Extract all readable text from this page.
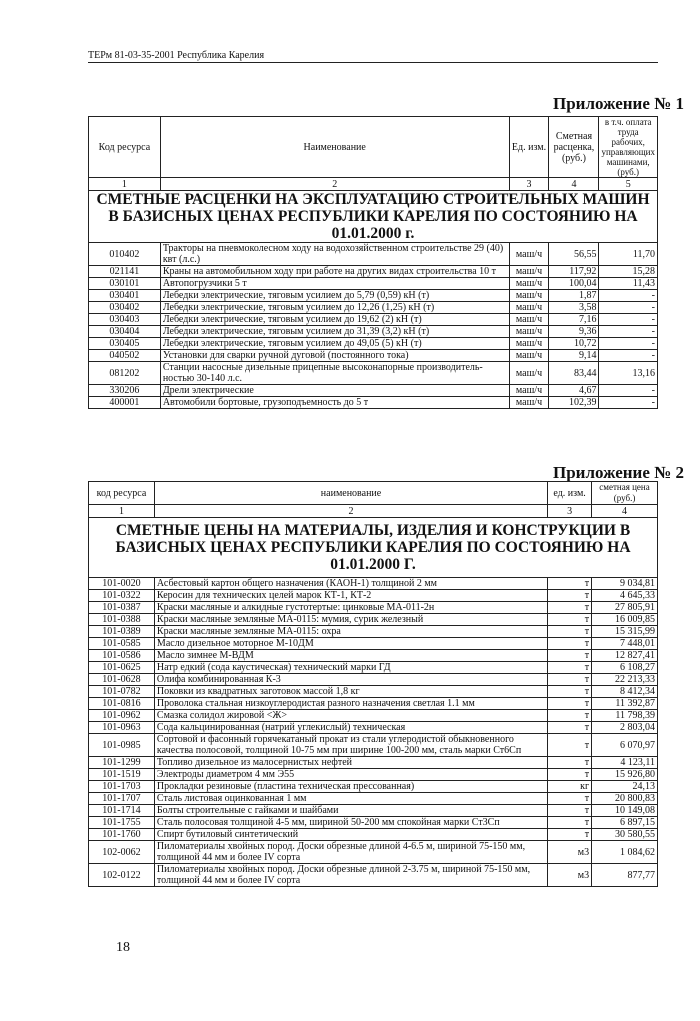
ТЕРм 81-03-35-2001 Республика Карелия
Приложение № 1
Код ресурса	Наименование	Ед. изм.	Сметная расценка, (руб.)	в т.ч. оплата труда рабочих, управляющих машинами, (руб.)
1	2	3	4	5
СМЕТНЫЕ РАСЦЕНКИ НА ЭКСПЛУАТАЦИЮ СТРОИТЕЛЬНЫХ МАШИН В БАЗИСНЫХ ЦЕНАХ РЕСПУБЛИКИ КАРЕЛИЯ ПО СОСТОЯНИЮ НА 01.01.2000 г.				
010402	Тракторы на пневмоколесном ходу на водохозяйственном строительстве 29 (40) квт (л.с.)	маш/ч	56,55	11,70
021141	Краны на автомобильном ходу при работе на других видах строительства 10 т	маш/ч	117,92	15,28
030101	Автопогрузчики 5 т	маш/ч	100,04	11,43
030401	Лебедки электрические, тяговым усилием до 5,79 (0,59) кН (т)	маш/ч	1,87	-
030402	Лебедки электрические, тяговым усилием до 12,26 (1,25) кН (т)	маш/ч	3,58	-
030403	Лебедки электрические, тяговым усилием до 19,62 (2) кН (т)	маш/ч	7,16	-
030404	Лебедки электрические, тяговым усилием до 31,39 (3,2) кН (т)	маш/ч	9,36	-
030405	Лебедки электрические, тяговым усилием до 49,05 (5) кН (т)	маш/ч	10,72	-
040502	Установки для сварки ручной дуговой (постоянного тока)	маш/ч	9,14	-
081202	Станции насосные дизельные прицепные высоконапорные производитель-ностью 30-140 л.с.	маш/ч	83,44	13,16
330206	Дрели электрические	маш/ч	4,67	-
400001	Автомобили бортовые, грузоподъемность до 5 т	маш/ч	102,39	-
Приложение № 2
код ресурса	наименование	ед. изм.	сметная цена (руб.)
1	2	3	4
СМЕТНЫЕ ЦЕНЫ НА МАТЕРИАЛЫ, ИЗДЕЛИЯ И КОНСТРУКЦИИ В БАЗИСНЫХ ЦЕНАХ РЕСПУБЛИКИ КАРЕЛИЯ ПО СОСТОЯНИЮ НА 01.01.2000 Г.			
101-0020	Асбестовый картон общего назначения (КАОН-1) толщиной 2 мм	т	9 034,81
101-0322	Керосин для технических целей марок КТ-1, КТ-2	т	4 645,33
101-0387	Краски масляные и алкидные густотертые: цинковые МА-011-2н	т	27 805,91
101-0388	Краски масляные земляные МА-0115: мумия, сурик железный	т	16 009,85
101-0389	Краски масляные земляные МА-0115: охра	т	15 315,99
101-0585	Масло дизельное моторное М-10ДМ	т	7 448,01
101-0586	Масло зимнее М-ВДМ	т	12 827,41
101-0625	Натр едкий (сода каустическая) технический марки ГД	т	6 108,27
101-0628	Олифа комбинированная К-3	т	22 213,33
101-0782	Поковки из квадратных заготовок массой 1,8 кг	т	8 412,34
101-0816	Проволока стальная низкоуглеродистая разного назначения светлая 1.1 мм	т	11 392,87
101-0962	Смазка солидол жировой <Ж>	т	11 798,39
101-0963	Сода кальцинированная (натрий углекислый) техническая	т	2 803,04
101-0985	Сортовой и фасонный горячекатаный прокат из стали углеродистой обыкновенного качества полосовой, толщиной 10-75 мм при ширине 100-200 мм, сталь марки Ст6Сп	т	6 070,97
101-1299	Топливо дизельное из малосернистых нефтей	т	4 123,11
101-1519	Электроды диаметром 4 мм Э55	т	15 926,80
101-1703	Прокладки резиновые (пластина техническая прессованная)	кг	24,13
101-1707	Сталь листовая оцинкованная 1 мм	т	20 800,83
101-1714	Болты строительные с гайками и шайбами	т	10 149,08
101-1755	Сталь полосовая толщиной 4-5 мм, шириной 50-200 мм спокойная марки Ст3Сп	т	6 897,15
101-1760	Спирт бутиловый синтетический	т	30 580,55
102-0062	Пиломатериалы хвойных пород. Доски обрезные длиной 4-6.5 м, шириной 75-150 мм, толщиной 44 мм и более IV сорта	м3	1 084,62
102-0122	Пиломатериалы хвойных пород. Доски обрезные длиной 2-3.75 м, шириной 75-150 мм, толщиной 44 мм и более IV сорта	м3	877,77
18
